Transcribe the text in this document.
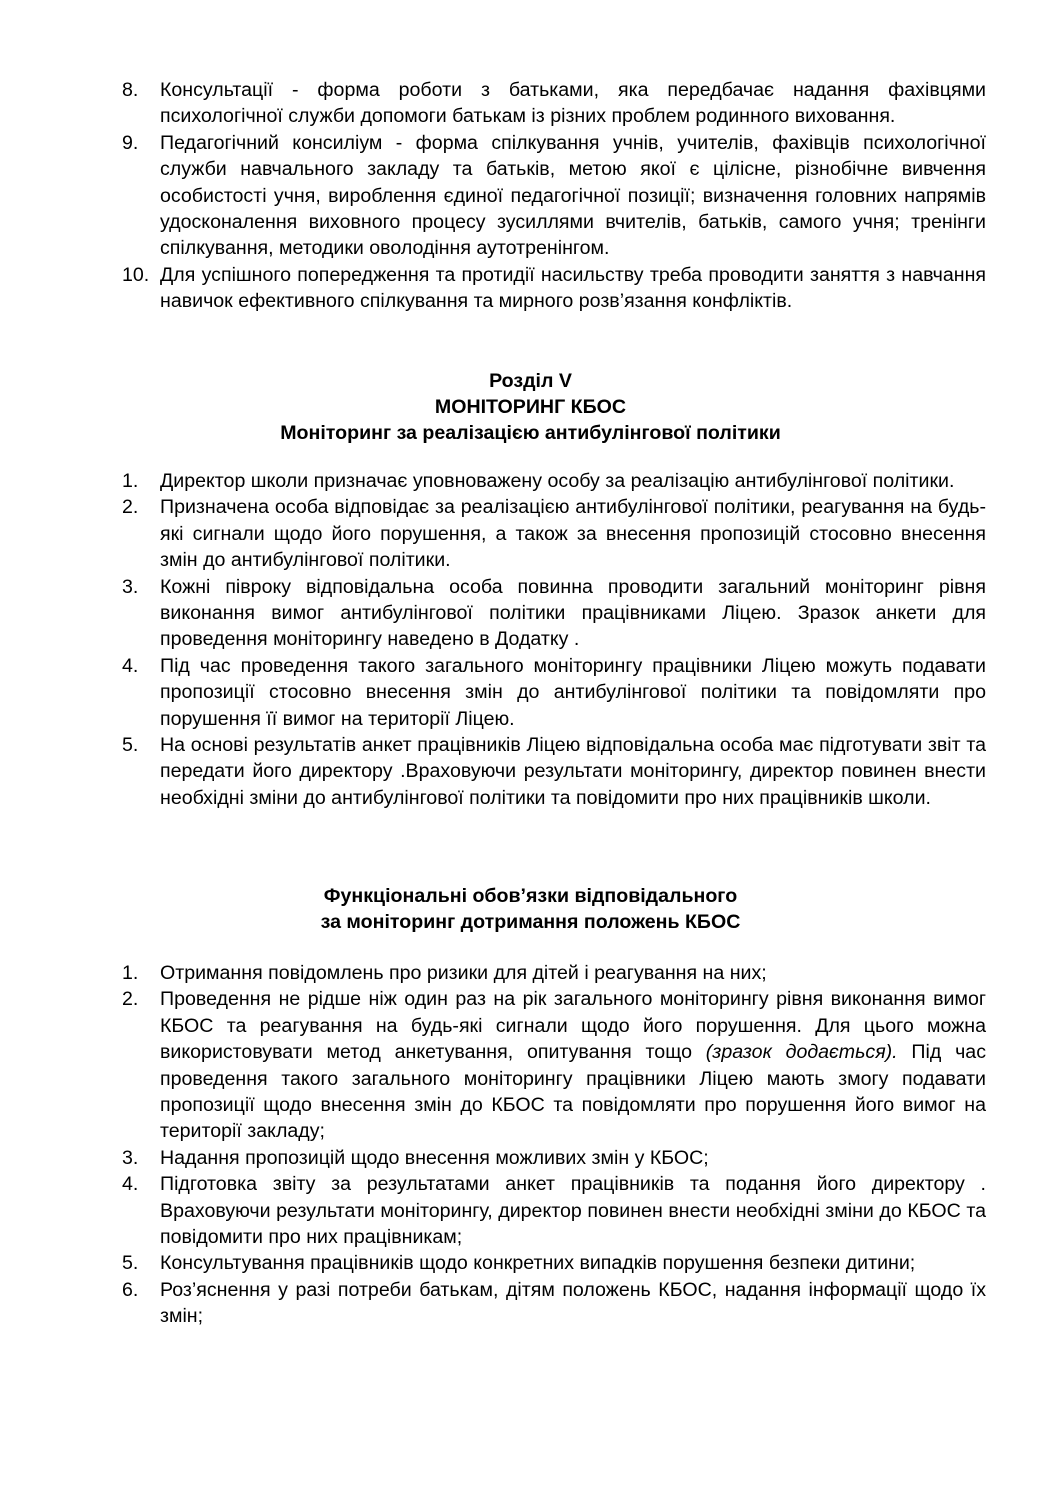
8.	Консультації - форма роботи з батьками, яка передбачає надання фахівцями психологічної служби допомоги батькам із різних проблем родинного виховання.
9.	Педагогічний консиліум - форма спілкування учнів, учителів, фахівців психологічної служби навчального закладу та батьків, метою якої є цілісне, різнобічне вивчення особистості учня, вироблення єдиної педагогічної позиції; визначення головних напрямів удосконалення виховного процесу зусиллями вчителів, батьків, самого учня; тренінги спілкування, методики оволодіння аутотренінгом.
10. Для успішного попередження та протидії насильству треба проводити заняття з навчання навичок ефективного спілкування та мирного розв’язання конфліктів.
Розділ V
МОНІТОРИНГ КБОС
Моніторинг за реалізацією антибулінгової політики
1.	Директор школи призначає уповноважену особу за реалізацію антибулінгової політики.
2.	Призначена особа відповідає за реалізацією антибулінгової політики, реагування на будь-які сигнали щодо його порушення, а також за внесення пропозицій стосовно внесення змін до антибулінгової політики.
3.	Кожні півроку відповідальна особа повинна проводити загальний моніторинг рівня виконання вимог антибулінгової політики працівниками Ліцею. Зразок анкети для проведення моніторингу наведено в Додатку .
4.	Під час проведення такого загального моніторингу працівники Ліцею можуть подавати пропозиції стосовно внесення змін до антибулінгової політики та повідомляти про порушення її вимог на території Ліцею.
5.	На основі результатів анкет працівників Ліцею відповідальна особа має підготувати звіт та передати його директору .Враховуючи результати моніторингу, директор повинен внести необхідні зміни до антибулінгової політики та повідомити про них працівників школи.
Функціональні обов’язки відповідального
за моніторинг дотримання положень КБОС
1.	Отримання повідомлень про ризики для дітей і реагування на них;
2.	Проведення не рідше ніж один раз на рік загального моніторингу рівня виконання вимог КБОС та реагування на будь-які сигнали щодо його порушення. Для цього можна використовувати метод анкетування, опитування тощо (зразок додається). Під час проведення такого загального моніторингу працівники Ліцею мають змогу подавати пропозиції щодо внесення змін до КБОС та повідомляти про порушення його вимог на території закладу;
3.	Надання пропозицій щодо внесення можливих змін у КБОС;
4.	Підготовка звіту за результатами анкет працівників та подання його директору . Враховуючи результати моніторингу, директор повинен внести необхідні зміни до КБОС та повідомити про них працівникам;
5.	Консультування працівників щодо конкретних випадків порушення безпеки дитини;
6.	Роз’яснення у разі потреби батькам, дітям положень КБОС, надання інформації щодо їх змін;
